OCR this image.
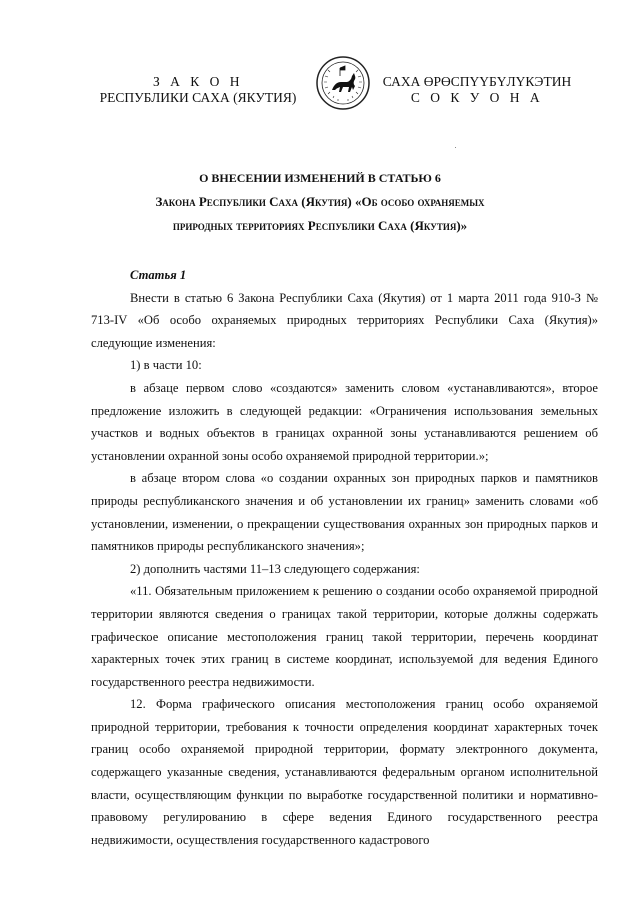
З А К О Н
РЕСПУБЛИКИ САХА (ЯКУТИЯ)
САХА ӨРӨСПҮҮБҮЛҮКЭТИН
С О К У О Н А
О ВНЕСЕНИИ ИЗМЕНЕНИЙ В СТАТЬЮ 6
Закона Республики Саха (Якутия) «Об особо охраняемых
природных территориях Республики Саха (Якутия)»
Статья 1

Внести в статью 6 Закона Республики Саха (Якутия) от 1 марта 2011 года 910-З № 713-IV «Об особо охраняемых природных территориях Республики Саха (Якутия)» следующие изменения:

1) в части 10:

в абзаце первом слово «создаются» заменить словом «устанавливаются», второе предложение изложить в следующей редакции: «Ограничения использования земельных участков и водных объектов в границах охранной зоны устанавливаются решением об установлении охранной зоны особо охраняемой природной территории.»;

в абзаце втором слова «о создании охранных зон природных парков и памятников природы республиканского значения и об установлении их границ» заменить словами «об установлении, изменении, о прекращении существования охранных зон природных парков и памятников природы республиканского значения»;

2) дополнить частями 11–13 следующего содержания:

«11. Обязательным приложением к решению о создании особо охраняемой природной территории являются сведения о границах такой территории, которые должны содержать графическое описание местоположения границ такой территории, перечень координат характерных точек этих границ в системе координат, используемой для ведения Единого государственного реестра недвижимости.

12. Форма графического описания местоположения границ особо охраняемой природной территории, требования к точности определения координат характерных точек границ особо охраняемой природной территории, формату электронного документа, содержащего указанные сведения, устанавливаются федеральным органом исполнительной власти, осуществляющим функции по выработке государственной политики и нормативно-правовому регулированию в сфере ведения Единого государственного реестра недвижимости, осуществления государственного кадастрового
